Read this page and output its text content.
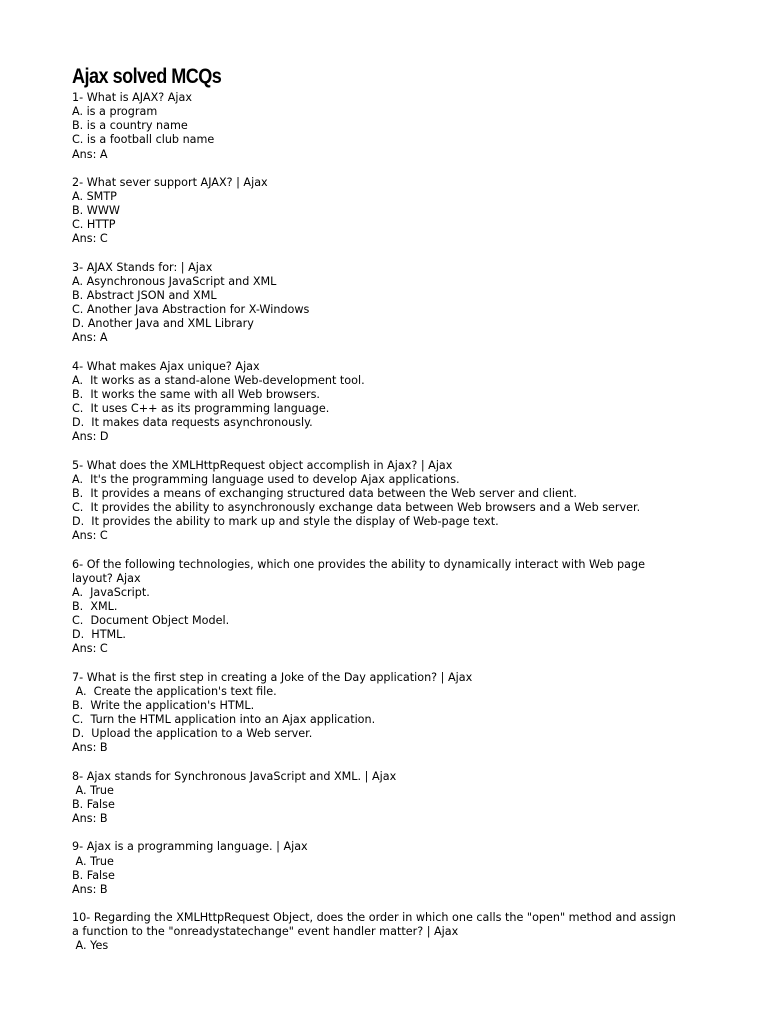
Ajax solved MCQs
1- What is AJAX? Ajax
A. is a program
B. is a country name
C. is a football club name
Ans: A
2- What sever support AJAX? | Ajax
A. SMTP
B. WWW
C. HTTP
Ans: C
3- AJAX Stands for: | Ajax
A. Asynchronous JavaScript and XML
B. Abstract JSON and XML
C. Another Java Abstraction for X-Windows
D. Another Java and XML Library
Ans: A
4- What makes Ajax unique? Ajax
A.  It works as a stand-alone Web-development tool.
B.  It works the same with all Web browsers.
C.  It uses C++ as its programming language.
D.  It makes data requests asynchronously.
Ans: D
5- What does the XMLHttpRequest object accomplish in Ajax? | Ajax
A.  It's the programming language used to develop Ajax applications.
B.  It provides a means of exchanging structured data between the Web server and client.
C.  It provides the ability to asynchronously exchange data between Web browsers and a Web server.
D.  It provides the ability to mark up and style the display of Web-page text.
Ans: C
6- Of the following technologies, which one provides the ability to dynamically interact with Web page
layout? Ajax
A.  JavaScript.
B.  XML.
C.  Document Object Model.
D.  HTML.
Ans: C
7- What is the first step in creating a Joke of the Day application? | Ajax
A.  Create the application's text file.
B.  Write the application's HTML.
C.  Turn the HTML application into an Ajax application.
D.  Upload the application to a Web server.
Ans: B
8- Ajax stands for Synchronous JavaScript and XML. | Ajax
A. True
B. False
Ans: B
9- Ajax is a programming language. | Ajax
A. True
B. False
Ans: B
10- Regarding the XMLHttpRequest Object, does the order in which one calls the "open" method and assign
a function to the "onreadystatechange" event handler matter? | Ajax
A. Yes
